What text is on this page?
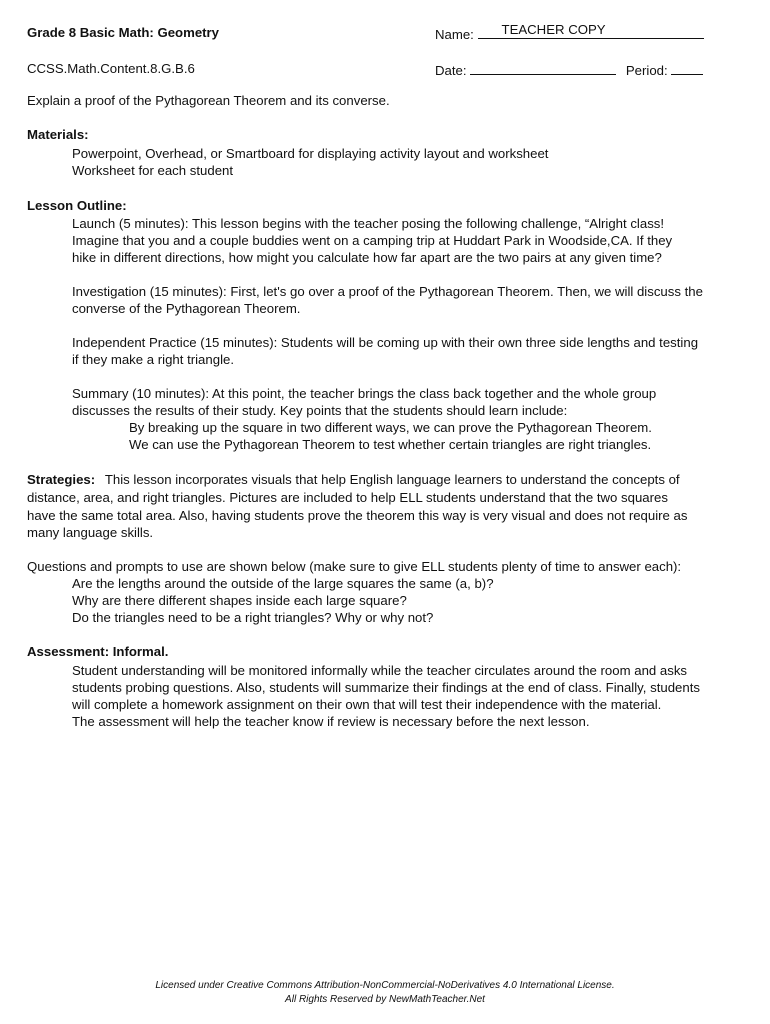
Grade 8 Basic Math: Geometry	Name: TEACHER COPY
CCSS.Math.Content.8.G.B.6	Date:	Period:
Explain a proof of the Pythagorean Theorem and its converse.
Materials:
Powerpoint, Overhead, or Smartboard for displaying activity layout and worksheet
Worksheet for each student
Lesson Outline:
Launch (5 minutes): This lesson begins with the teacher posing the following challenge, “Alright class!
Imagine that you and a couple buddies went on a camping trip at Huddart Park in Woodside,CA. If they
hike in different directions, how might you calculate how far apart are the two pairs at any given time?
Investigation (15 minutes): First, let's go over a proof of the Pythagorean Theorem. Then, we will discuss the
converse of the Pythagorean Theorem.
Independent Practice (15 minutes): Students will be coming up with their own three side lengths and testing
if they make a right triangle.
Summary (10 minutes): At this point, the teacher brings the class back together and the whole group
discusses the results of their study. Key points that the students should learn include:
By breaking up the square in two different ways, we can prove the Pythagorean Theorem.
We can use the Pythagorean Theorem to test whether certain triangles are right triangles.
Strategies: This lesson incorporates visuals that help English language learners to understand the concepts of
distance, area, and right triangles. Pictures are included to help ELL students understand that the two squares
have the same total area. Also, having students prove the theorem this way is very visual and does not require as
many language skills.
Questions and prompts to use are shown below (make sure to give ELL students plenty of time to answer each):
Are the lengths around the outside of the large squares the same (a, b)?
Why are there different shapes inside each large square?
Do the triangles need to be a right triangles? Why or why not?
Assessment: Informal.
Student understanding will be monitored informally while the teacher circulates around the room and asks
students probing questions. Also, students will summarize their findings at the end of class. Finally, students
will complete a homework assignment on their own that will test their independence with the material.
The assessment will help the teacher know if review is necessary before the next lesson.
Licensed under Creative Commons Attribution-NonCommercial-NoDerivatives 4.0 International License.
All Rights Reserved by NewMathTeacher.Net
